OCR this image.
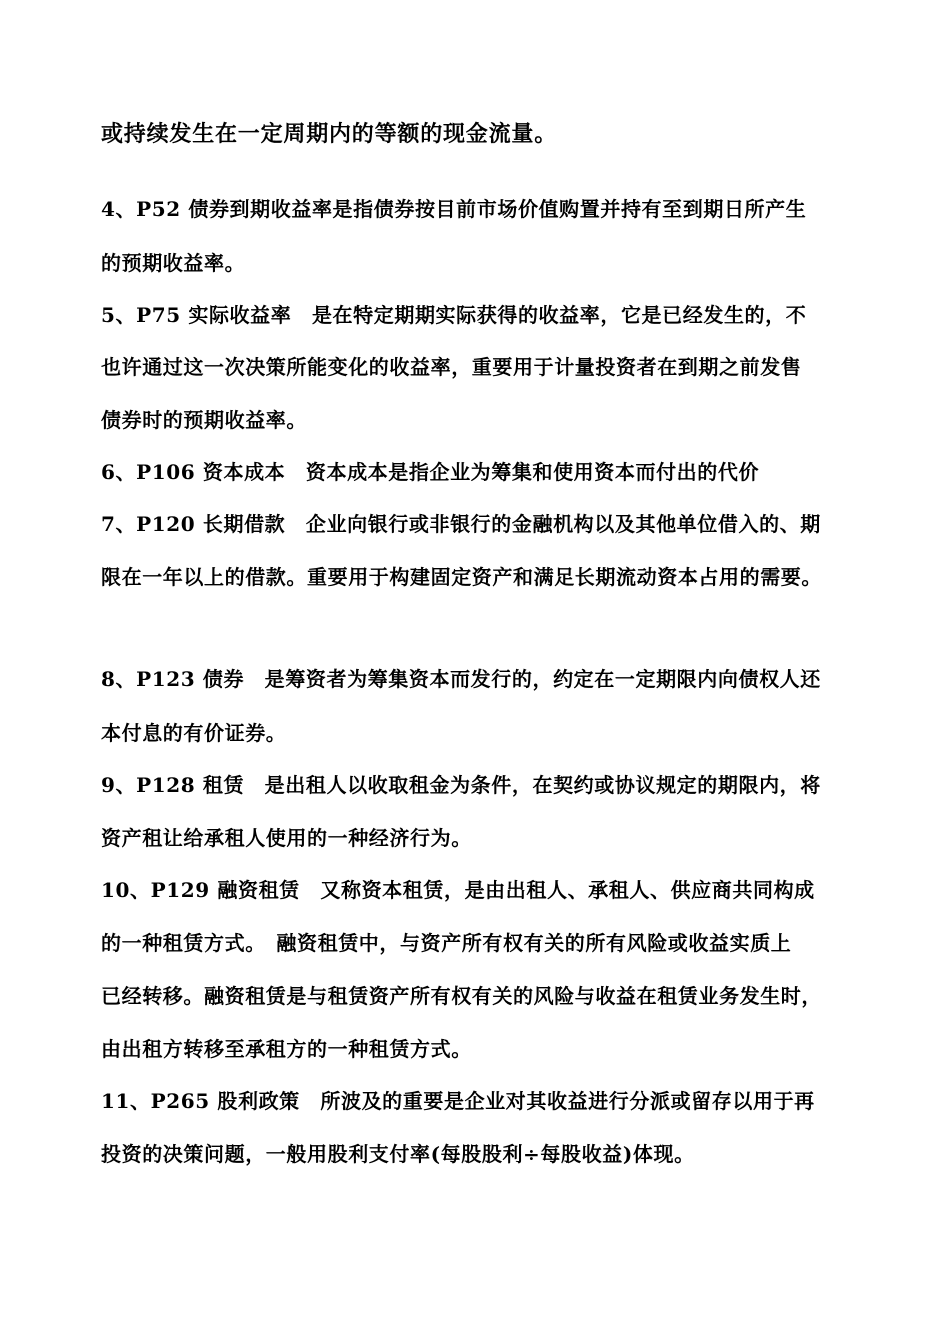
或持续发生在一定周期内的等额的现金流量。
4、P52 债券到期收益率是指债券按目前市场价值购置并持有至到期日所产生
的预期收益率。
5、P75 实际收益率　是在特定期期实际获得的收益率，它是已经发生的，不
也许通过这一次决策所能变化的收益率，重要用于计量投资者在到期之前发售
债券时的预期收益率。
6、P106 资本成本　资本成本是指企业为筹集和使用资本而付出的代价
7、P120 长期借款　企业向银行或非银行的金融机构以及其他单位借入的、期
限在一年以上的借款。重要用于构建固定资产和满足长期流动资本占用的需要。
8、P123 债券　是筹资者为筹集资本而发行的，约定在一定期限内向债权人还
本付息的有价证券。
9、P128 租赁　是出租人以收取租金为条件，在契约或协议规定的期限内，将
资产租让给承租人使用的一种经济行为。
10、P129 融资租赁　又称资本租赁，是由出租人、承租人、供应商共同构成
的一种租赁方式。　融资租赁中，与资产所有权有关的所有风险或收益实质上
已经转移。融资租赁是与租赁资产所有权有关的风险与收益在租赁业务发生时，
由出租方转移至承租方的一种租赁方式。
11、P265 股利政策　所波及的重要是企业对其收益进行分派或留存以用于再
投资的决策问题，一般用股利支付率(每股股利÷每股收益)体现。
